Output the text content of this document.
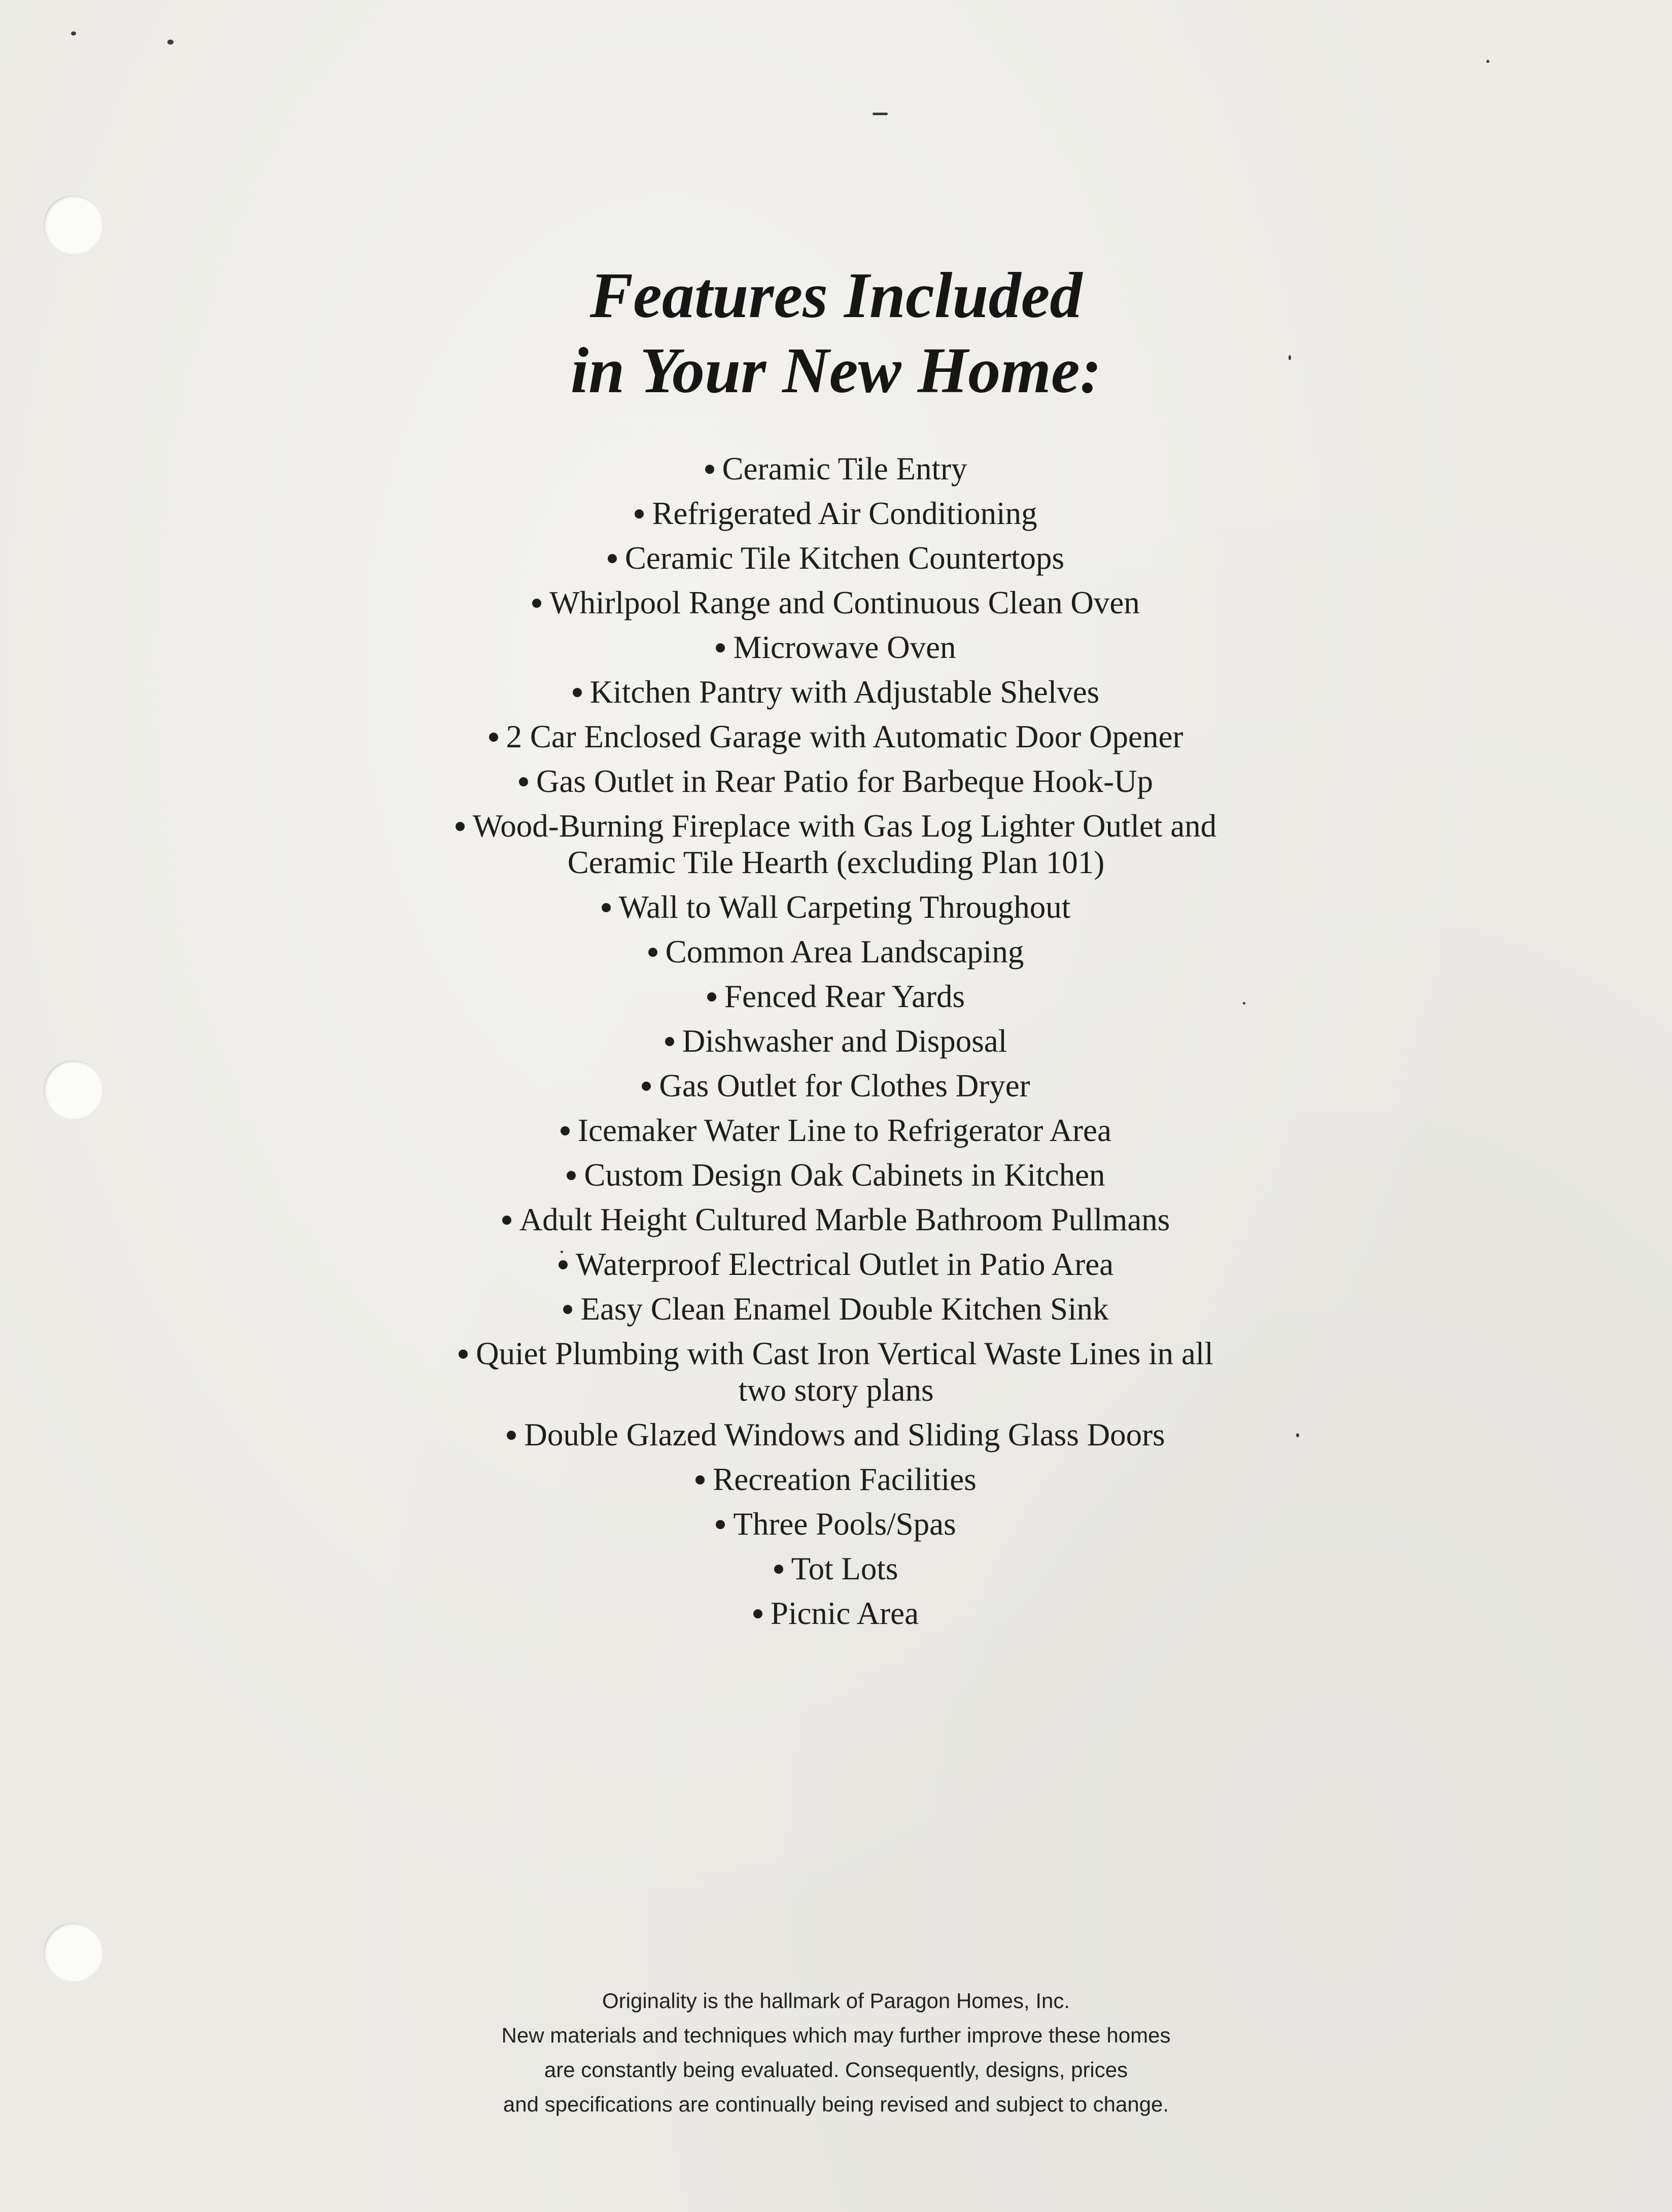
Features Included
in Your New Home:
Ceramic Tile Entry
Refrigerated Air Conditioning
Ceramic Tile Kitchen Countertops
Whirlpool Range and Continuous Clean Oven
Microwave Oven
Kitchen Pantry with Adjustable Shelves
2 Car Enclosed Garage with Automatic Door Opener
Gas Outlet in Rear Patio for Barbeque Hook-Up
Wood-Burning Fireplace with Gas Log Lighter Outlet and
Ceramic Tile Hearth (excluding Plan 101)
Wall to Wall Carpeting Throughout
Common Area Landscaping
Fenced Rear Yards
Dishwasher and Disposal
Gas Outlet for Clothes Dryer
Icemaker Water Line to Refrigerator Area
Custom Design Oak Cabinets in Kitchen
Adult Height Cultured Marble Bathroom Pullmans
Waterproof Electrical Outlet in Patio Area
Easy Clean Enamel Double Kitchen Sink
Quiet Plumbing with Cast Iron Vertical Waste Lines in all
two story plans
Double Glazed Windows and Sliding Glass Doors
Recreation Facilities
Three Pools/Spas
Tot Lots
Picnic Area
Originality is the hallmark of Paragon Homes, Inc.
New materials and techniques which may further improve these homes
are constantly being evaluated. Consequently, designs, prices
and specifications are continually being revised and subject to change.
